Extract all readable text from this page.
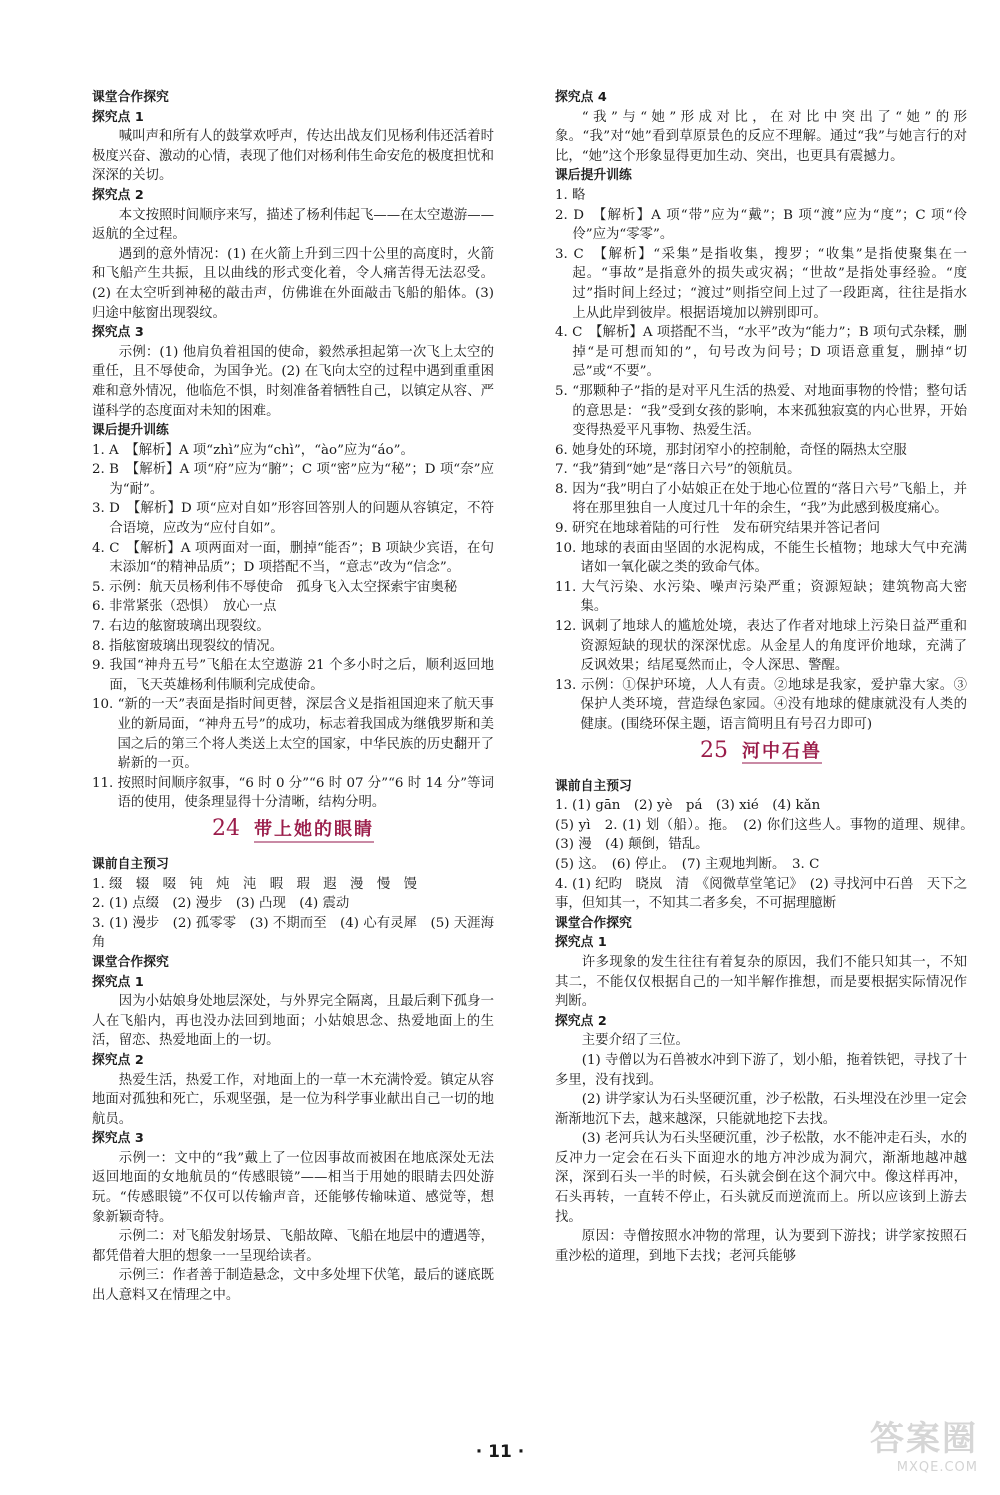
课堂合作探究

探究点 1

喊叫声和所有人的鼓掌欢呼声，传达出战友们见杨利伟还活着时极度兴奋、激动的心情，表现了他们对杨利伟生命安危的极度担忧和深深的关切。

探究点 2

本文按照时间顺序来写，描述了杨利伟起飞——在太空遨游——返航的全过程。

遇到的意外情况：(1) 在火箭上升到三四十公里的高度时，火箭和飞船产生共振，且以曲线的形式变化着，令人痛苦得无法忍受。(2) 在太空听到神秘的敲击声，仿佛谁在外面敲击飞船的船体。(3) 归途中舷窗出现裂纹。

探究点 3

示例：(1) 他肩负着祖国的使命，毅然承担起第一次飞上太空的重任，且不辱使命，为国争光。(2) 在飞向太空的过程中遇到重重困难和意外情况，他临危不惧，时刻准备着牺牲自己，以镇定从容、严谨科学的态度面对未知的困难。

课后提升训练

1. A　【解析】A 项“zhì”应为“chì”，“ào”应为“áo”。

2. B　【解析】A 项“府”应为“腑”；C 项“密”应为“秘”；D 项“奈”应为“耐”。

3. D　【解析】D 项“应对自如”形容回答别人的问题从容镇定，不符合语境，应改为“应付自如”。

4. C　【解析】A 项两面对一面，删掉“能否”；B 项缺少宾语，在句末添加“的精神品质”；D 项搭配不当，“意志”改为“信念”。

5. 示例：航天员杨利伟不辱使命　孤身飞入太空探索宇宙奥秘

6. 非常紧张（恐惧）　放心一点

7. 右边的舷窗玻璃出现裂纹。

8. 指舷窗玻璃出现裂纹的情况。

9. 我国“神舟五号”飞船在太空遨游 21 个多小时之后，顺利返回地面，飞天英雄杨利伟顺利完成使命。

10. “新的一天”表面是指时间更替，深层含义是指祖国迎来了航天事业的新局面，“神舟五号”的成功，标志着我国成为继俄罗斯和美国之后的第三个将人类送上太空的国家，中华民族的历史翻开了崭新的一页。

11. 按照时间顺序叙事，“6 时 0 分”“6 时 07 分”“6 时 14 分”等词语的使用，使条理显得十分清晰，结构分明。

24 带上她的眼睛

课前自主预习

1. 缀　辍　啜　钝　炖　沌　暇　瑕　遐　漫　慢　馒

2. (1) 点缀　(2) 漫步　(3) 凸现　(4) 震动

3. (1) 漫步　(2) 孤零零　(3) 不期而至　(4) 心有灵犀　(5) 天涯海角

课堂合作探究

探究点 1

因为小姑娘身处地层深处，与外界完全隔离，且最后剩下孤身一人在飞船内，再也没办法回到地面；小姑娘思念、热爱地面上的生活，留恋、热爱地面上的一切。

探究点 2

热爱生活，热爱工作，对地面上的一草一木充满怜爱。镇定从容地面对孤独和死亡，乐观坚强，是一位为科学事业献出自己一切的地航员。

探究点 3

示例一：文中的“我”戴上了一位因事故而被困在地底深处无法返回地面的女地航员的“传感眼镜”——相当于用她的眼睛去四处游玩。“传感眼镜”不仅可以传输声音，还能够传输味道、感觉等，想象新颖奇特。

示例二：对飞船发射场景、飞船故障、飞船在地层中的遭遇等，都凭借着大胆的想象一一呈现给读者。

示例三：作者善于制造悬念，文中多处埋下伏笔，最后的谜底既出人意料又在情理之中。

探究点 4

“我”与“她”形成对比，在对比中突出了“她”的形象。“我”对“她”看到草原景色的反应不理解。通过“我”与她言行的对比，“她”这个形象显得更加生动、突出，也更具有震撼力。

课后提升训练

1. 略

2. D　【解析】A 项“带”应为“戴”；B 项“渡”应为“度”；C 项“伶伶”应为“零零”。

3. C　【解析】“采集”是指收集，搜罗；“收集”是指使聚集在一起。“事故”是指意外的损失或灾祸；“世故”是指处事经验。“度过”指时间上经过；“渡过”则指空间上过了一段距离，往往是指水上从此岸到彼岸。根据语境加以辨别即可。

4. C　【解析】A 项搭配不当，“水平”改为“能力”；B 项句式杂糅，删掉“是可想而知的”，句号改为问号；D 项语意重复，删掉“切忌”或“不要”。

5. “那颗种子”指的是对平凡生活的热爱、对地面事物的怜惜；整句话的意思是：“我”受到女孩的影响，本来孤独寂寞的内心世界，开始变得热爱平凡事物、热爱生活。

6. 她身处的环境，那封闭窄小的控制舱，奇怪的隔热太空服

7. “我”猜到“她”是“落日六号”的领航员。

8. 因为“我”明白了小姑娘正在处于地心位置的“落日六号”飞船上，并将在那里独自一人度过几十年的余生，“我”为此感到极度痛心。

9. 研究在地球着陆的可行性　发布研究结果并答记者问

10. 地球的表面由坚固的水泥构成，不能生长植物；地球大气中充满诸如一氧化碳之类的致命气体。

11. 大气污染、水污染、噪声污染严重；资源短缺；建筑物高大密集。

12. 讽刺了地球人的尴尬处境，表达了作者对地球上污染日益严重和资源短缺的现状的深深忧虑。从金星人的角度评价地球，充满了反讽效果；结尾戛然而止，令人深思、警醒。

13. 示例：①保护环境，人人有责。②地球是我家，爱护靠大家。③保护人类环境，营造绿色家园。④没有地球的健康就没有人类的健康。(围绕环保主题，语言简明且有号召力即可)

25 河中石兽

课前自主预习

1. (1) gān　(2) yè　pá　(3) xié　(4) kǎn

(5) yì　2. (1) 划（船）。拖。　(2) 你们这些人。事物的道理、规律。　(3) 漫　(4) 颠倒，错乱。

(5) 这。　(6) 停止。　(7) 主观地判断。　3. C

4. (1) 纪昀　晓岚　清　《阅微草堂笔记》　(2) 寻找河中石兽　天下之事，但知其一，不知其二者多矣，不可据理臆断

课堂合作探究

探究点 1

许多现象的发生往往有着复杂的原因，我们不能只知其一，不知其二，不能仅仅根据自己的一知半解作推想，而是要根据实际情况作判断。

探究点 2

主要介绍了三位。

(1) 寺僧以为石兽被水冲到下游了，划小船，拖着铁钯，寻找了十多里，没有找到。

(2) 讲学家认为石头坚硬沉重，沙子松散，石头埋没在沙里一定会渐渐地沉下去，越来越深，只能就地挖下去找。

(3) 老河兵认为石头坚硬沉重，沙子松散，水不能冲走石头，水的反冲力一定会在石头下面迎水的地方冲沙成为洞穴，渐渐地越冲越深，深到石头一半的时候，石头就会倒在这个洞穴中。像这样再冲，石头再转，一直转不停止，石头就反而逆流而上。所以应该到上游去找。

原因：寺僧按照水冲物的常理，认为要到下游找；讲学家按照石重沙松的道理，到地下去找；老河兵能够

· 11 ·	答案圈
MXQE.COM
